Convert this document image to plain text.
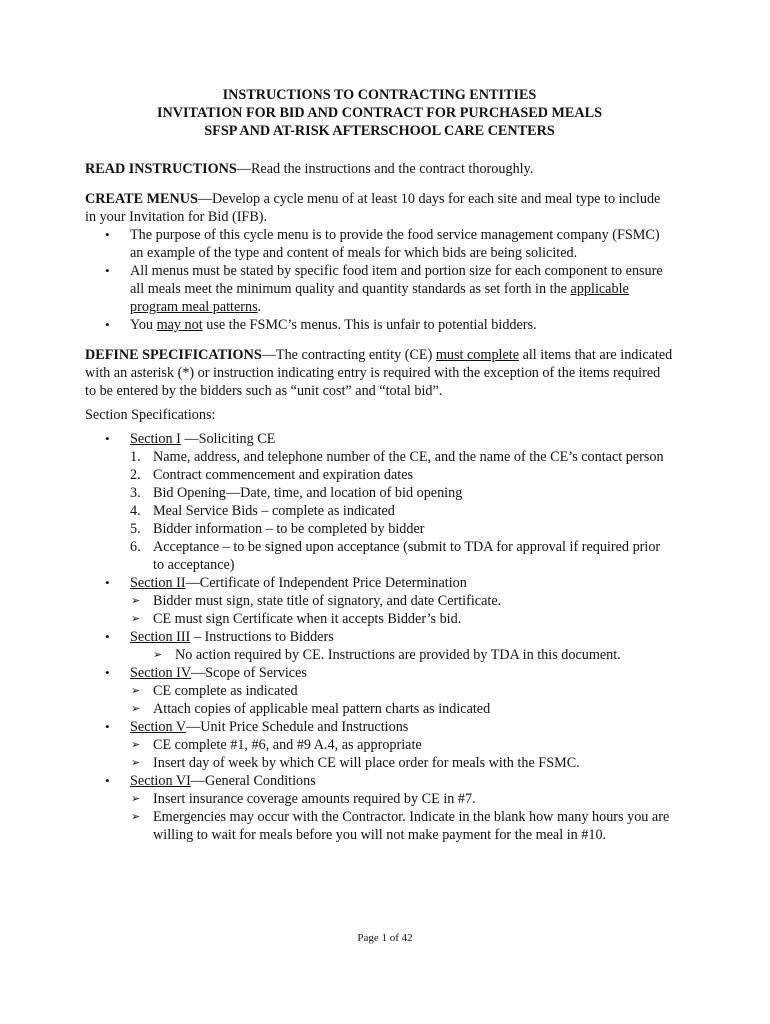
INSTRUCTIONS TO CONTRACTING ENTITIES
INVITATION FOR BID AND CONTRACT FOR PURCHASED MEALS
SFSP AND AT-RISK AFTERSCHOOL CARE CENTERS

READ INSTRUCTIONS—Read the instructions and the contract thoroughly.

CREATE MENUS—Develop a cycle menu of at least 10 days for each site and meal type to include in your Invitation for Bid (IFB).

• The purpose of this cycle menu is to provide the food service management company (FSMC) an example of the type and content of meals for which bids are being solicited.
• All menus must be stated by specific food item and portion size for each component to ensure all meals meet the minimum quality and quantity standards as set forth in the applicable program meal patterns.
• You may not use the FSMC’s menus. This is unfair to potential bidders.

DEFINE SPECIFICATIONS—The contracting entity (CE) must complete all items that are indicated with an asterisk (*) or instruction indicating entry is required with the exception of the items required to be entered by the bidders such as “unit cost” and “total bid”.

Section Specifications:

• Section I —Soliciting CE
1. Name, address, and telephone number of the CE, and the name of the CE’s contact person
2. Contract commencement and expiration dates
3. Bid Opening—Date, time, and location of bid opening
4. Meal Service Bids – complete as indicated
5. Bidder information – to be completed by bidder
6. Acceptance – to be signed upon acceptance (submit to TDA for approval if required prior to acceptance)
• Section II—Certificate of Independent Price Determination
➢ Bidder must sign, state title of signatory, and date Certificate.
➢ CE must sign Certificate when it accepts Bidder’s bid.
• Section III – Instructions to Bidders
➢ No action required by CE. Instructions are provided by TDA in this document.
• Section IV—Scope of Services
➢ CE complete as indicated
➢ Attach copies of applicable meal pattern charts as indicated
• Section V—Unit Price Schedule and Instructions
➢ CE complete #1, #6, and #9 A.4, as appropriate
➢ Insert day of week by which CE will place order for meals with the FSMC.
• Section VI—General Conditions
➢ Insert insurance coverage amounts required by CE in #7.
➢ Emergencies may occur with the Contractor. Indicate in the blank how many hours you are willing to wait for meals before you will not make payment for the meal in #10.
Page 1 of 42
